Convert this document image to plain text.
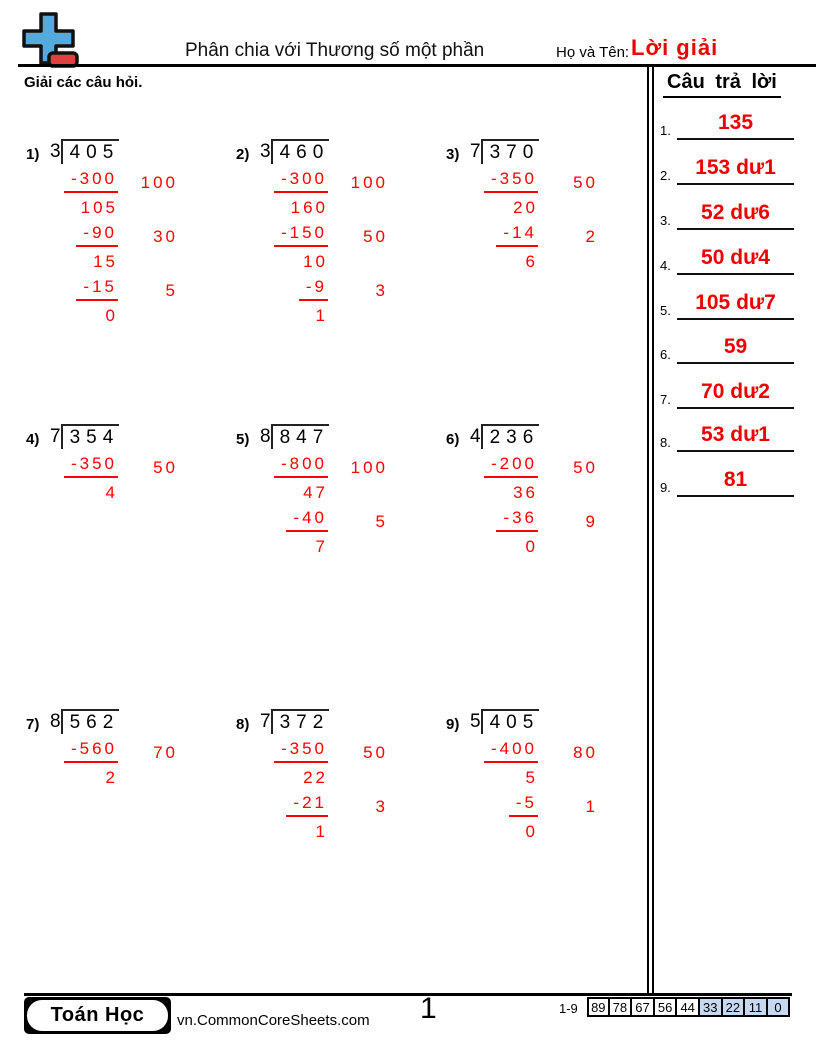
Phân chia với Thương số một phần	Họ và Tên: Lời giải
Giải các câu hỏi.	Câu trả lời
1.	135
2.	153 dư1
3.	52 dư6
4.	50 dư4
5.	105 dư7
6.	59
7.	70 dư2
8.	53 dư1
9.	81
1) 3 405
-300	100
105
-90	30
15
-15	5
0
2) 3 460
-300	100
160
-150	50
10
-9	3
1
3) 7 370
-350	50
20
-14	2
6
4) 7 354
-350	50
4
5) 8 847
-800	100
47
-40	5
7
6) 4 236
-200	50
36
-36	9
0
7) 8 562
-560	70
2
8) 7 372
-350	50
22
-21	3
1
9) 5 405
-400	80
5
-5	1
0
Toán Học	vn.CommonCoreSheets.com 1	1-9	89 78 67 56 44 33 22 11 0
